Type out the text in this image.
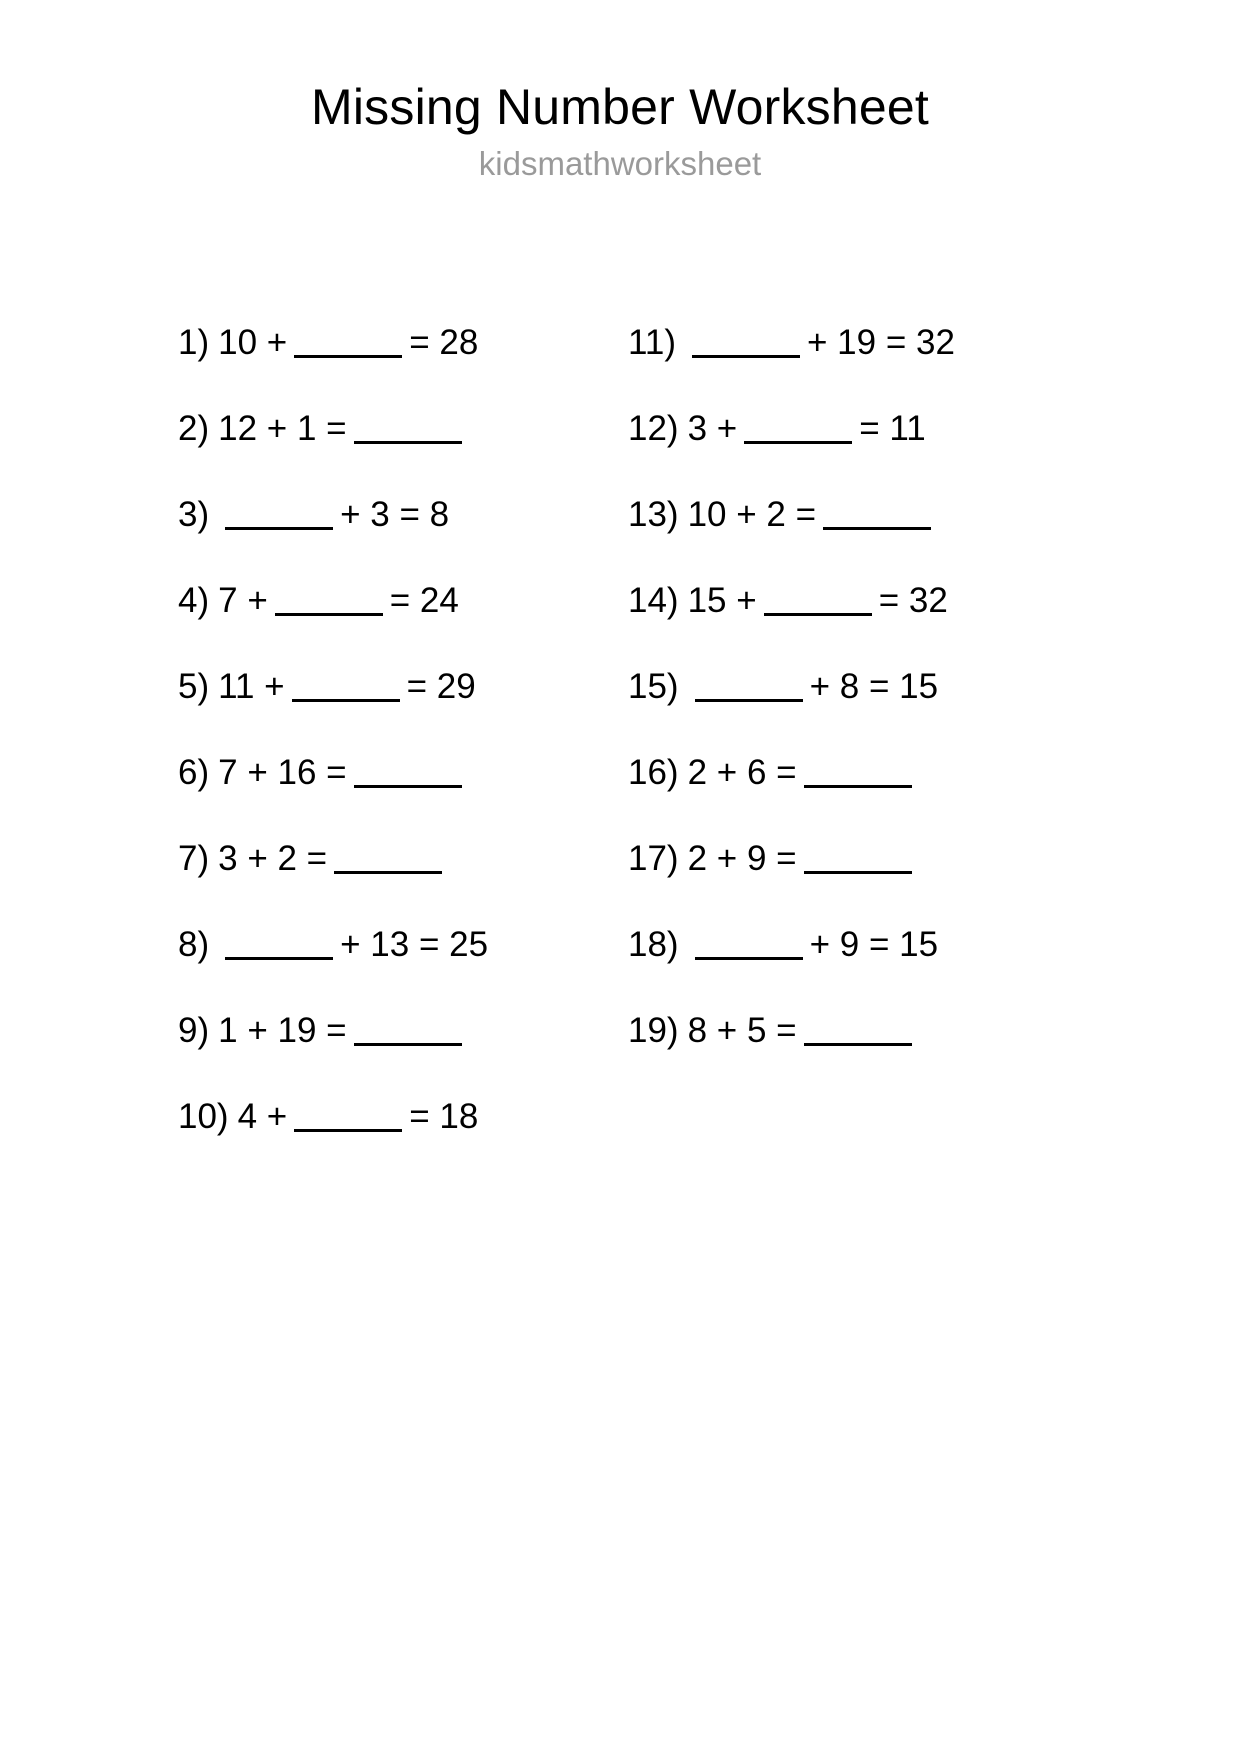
Missing Number Worksheet
kidsmathworksheet
1) 10 +	= 28
2) 12 + 1 =
3)	+ 3 = 8
4) 7 +	= 24
5) 11 +	= 29
6) 7 + 16 =
7) 3 + 2 =
8)	+ 13 = 25
9) 1 + 19 =
10) 4 +	= 18
11)	+ 19 = 32
12) 3 +	= 11
13) 10 + 2 =
14) 15 +	= 32
15)	+ 8 = 15
16) 2 + 6 =
17) 2 + 9 =
18)	+ 9 = 15
19) 8 + 5 =
